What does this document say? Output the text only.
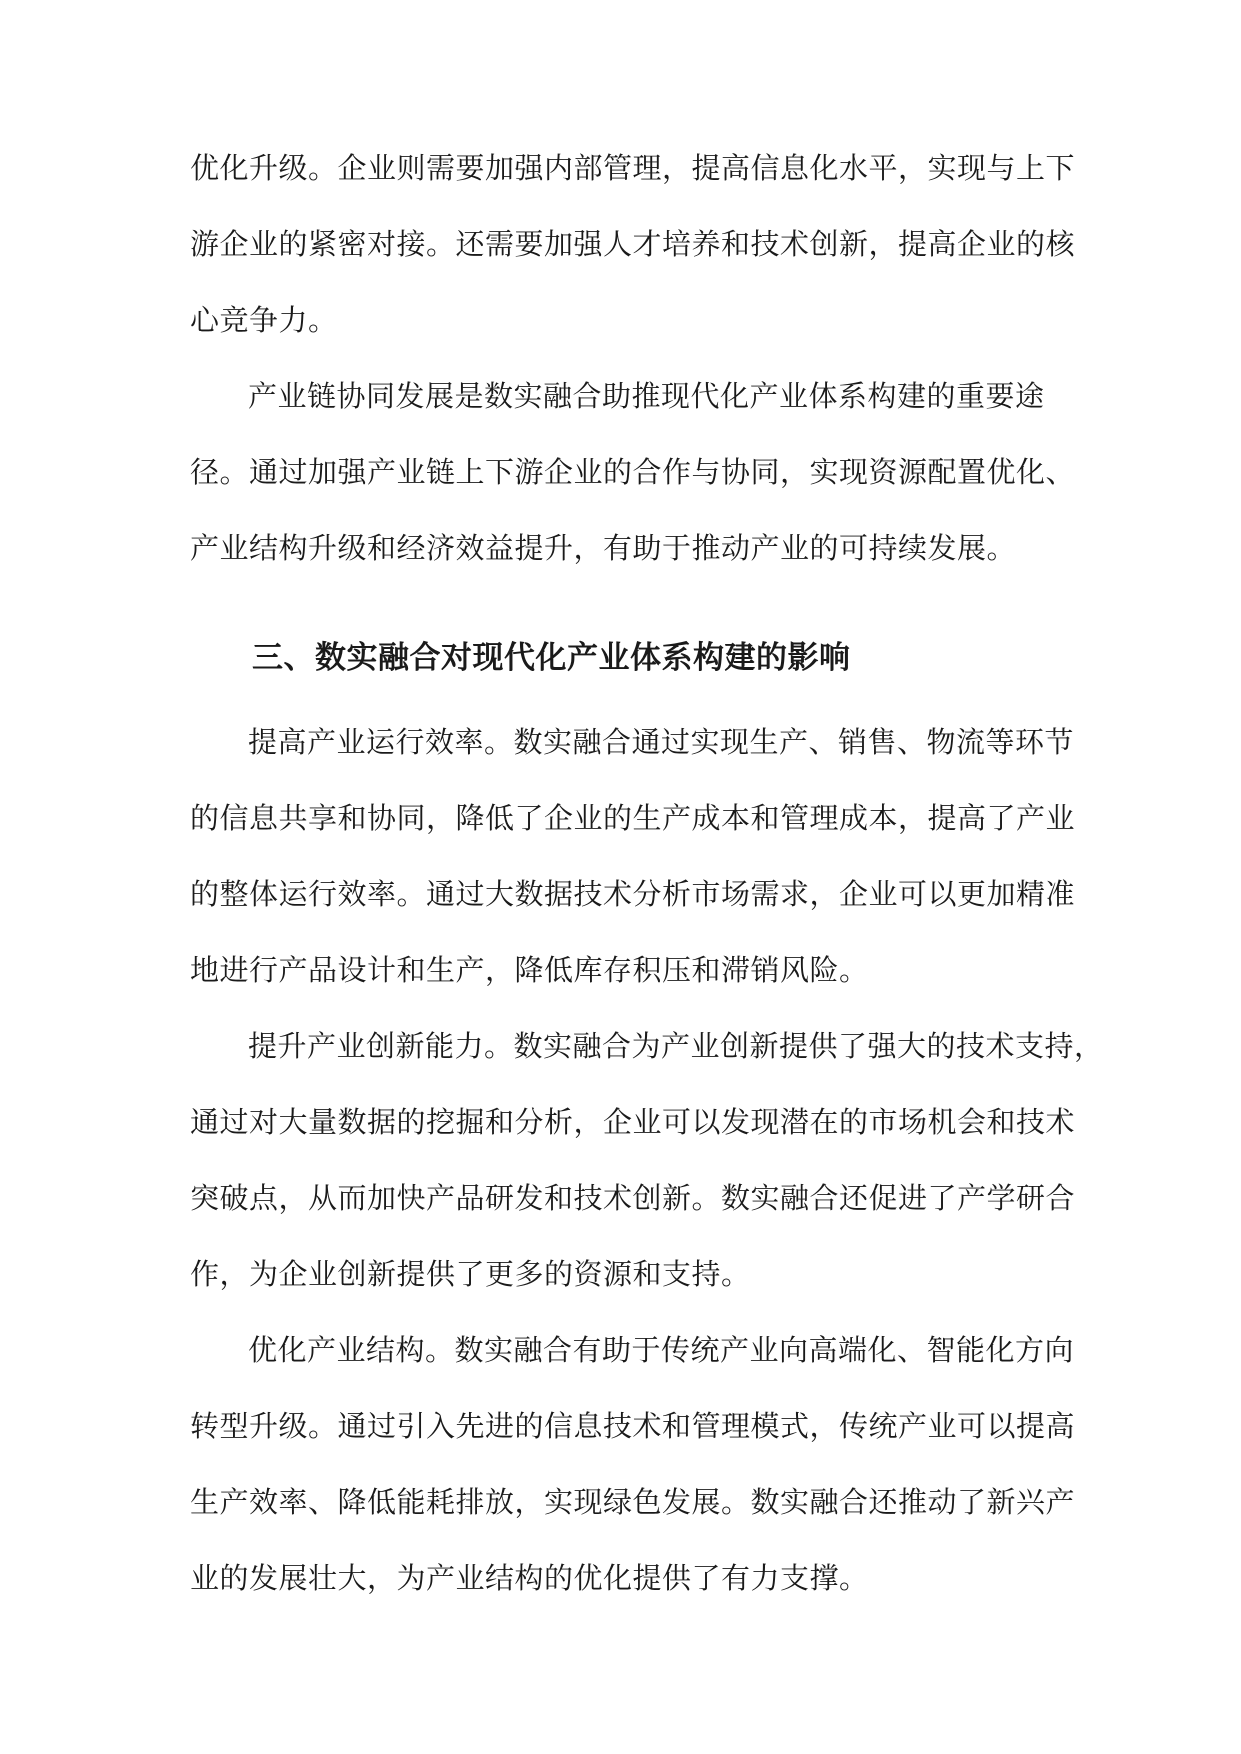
优化升级。企业则需要加强内部管理，提高信息化水平，实现与上下
游企业的紧密对接。还需要加强人才培养和技术创新，提高企业的核
心竞争力。
产业链协同发展是数实融合助推现代化产业体系构建的重要途
径。通过加强产业链上下游企业的合作与协同，实现资源配置优化、
产业结构升级和经济效益提升，有助于推动产业的可持续发展。
三、数实融合对现代化产业体系构建的影响
提高产业运行效率。数实融合通过实现生产、销售、物流等环节
的信息共享和协同，降低了企业的生产成本和管理成本，提高了产业
的整体运行效率。通过大数据技术分析市场需求，企业可以更加精准
地进行产品设计和生产，降低库存积压和滞销风险。
提升产业创新能力。数实融合为产业创新提供了强大的技术支持，
通过对大量数据的挖掘和分析，企业可以发现潜在的市场机会和技术
突破点，从而加快产品研发和技术创新。数实融合还促进了产学研合
作，为企业创新提供了更多的资源和支持。
优化产业结构。数实融合有助于传统产业向高端化、智能化方向
转型升级。通过引入先进的信息技术和管理模式，传统产业可以提高
生产效率、降低能耗排放，实现绿色发展。数实融合还推动了新兴产
业的发展壮大，为产业结构的优化提供了有力支撑。
